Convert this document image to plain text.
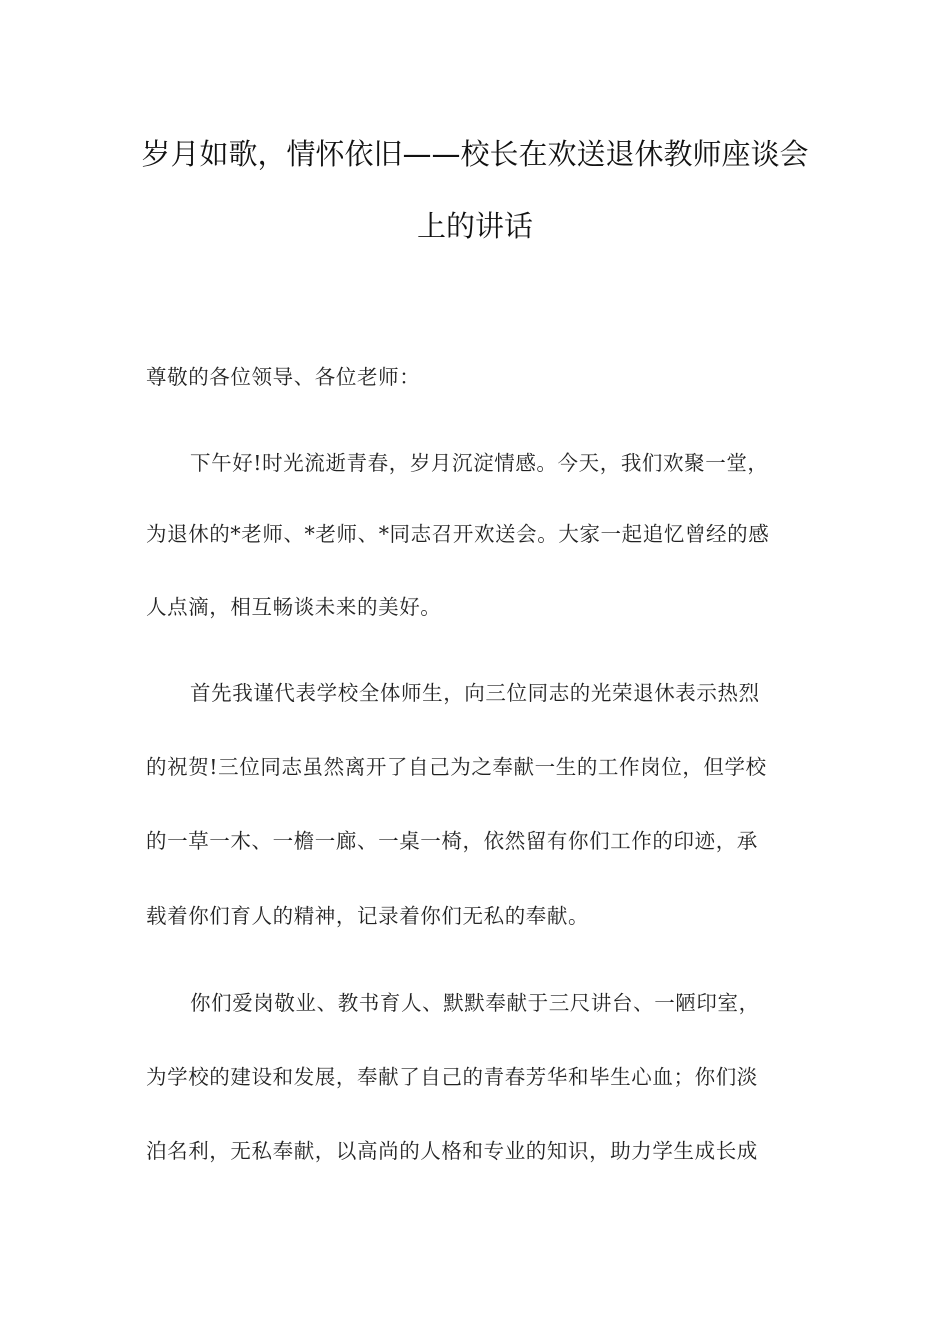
岁月如歌，情怀依旧——校长在欢送退休教师座谈会
上的讲话
尊敬的各位领导、各位老师：
下午好!时光流逝青春，岁月沉淀情感。今天，我们欢聚一堂，
为退休的*老师、*老师、*同志召开欢送会。大家一起追忆曾经的感
人点滴，相互畅谈未来的美好。
首先我谨代表学校全体师生，向三位同志的光荣退休表示热烈
的祝贺!三位同志虽然离开了自己为之奉献一生的工作岗位，但学校
的一草一木、一檐一廊、一桌一椅，依然留有你们工作的印迹，承
载着你们育人的精神，记录着你们无私的奉献。
你们爱岗敬业、教书育人、默默奉献于三尺讲台、一陋印室，
为学校的建设和发展，奉献了自己的青春芳华和毕生心血；你们淡
泊名利，无私奉献，以高尚的人格和专业的知识，助力学生成长成
